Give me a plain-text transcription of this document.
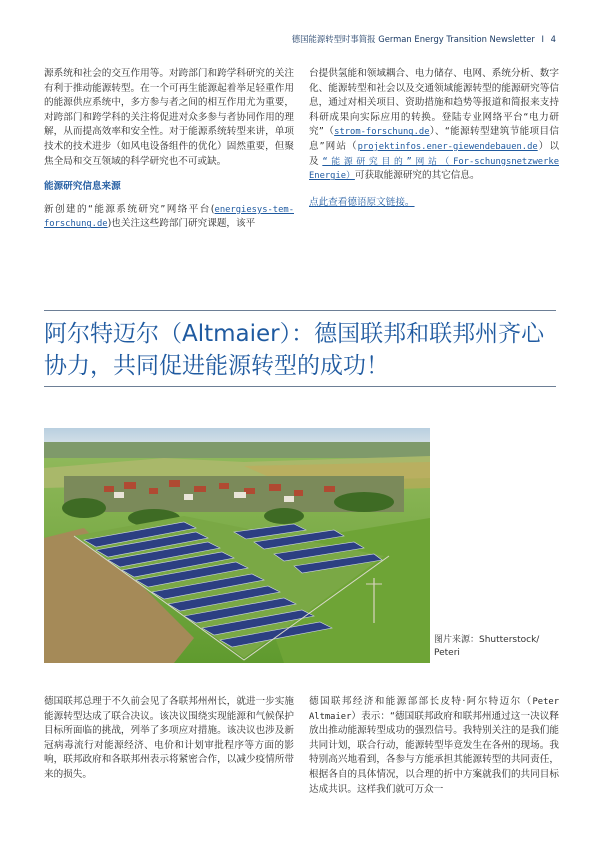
德国能源转型时事简报 German Energy Transition Newsletter I 4

源系统和社会的交互作用等。对跨部门和跨学科研究的关注有利于推动能源转型。在一个可再生能源起着举足轻重作用的能源供应系统中，多方参与者之间的相互作用尤为重要，对跨部门和跨学科的关注将促进对众多参与者协同作用的理解，从而提高效率和安全性。对于能源系统转型来讲，单项技术的技术进步（如风电设备组件的优化）固然重要，但聚焦全局和交互领域的科学研究也不可或缺。

能源研究信息来源

新创建的“能源系统研究”网络平台(energiesys-tem-forschung.de)也关注这些跨部门研究课题，该平

台提供氢能和领域耦合、电力储存、电网、系统分析、数字化、能源转型和社会以及交通领域能源转型的能源研究等信息，通过对相关项目、资助措施和趋势等报道和简报来支持科研成果向实际应用的转换。登陆专业网络平台“电力研究”（strom-forschung.de）、“能源转型建筑节能项目信息”网站（projektinfos.ener-giewendebauen.de）以及“能源研究目的”网站（For-schungsnetzwerke Energie）可获取能源研究的其它信息。

点此查看德语原文链接。
阿尔特迈尔（Altmaier）：德国联邦和联邦州齐心协力，共同促进能源转型的成功！
图片来源：Shutterstock/ Peteri

德国联邦总理于不久前会见了各联邦州州长，就进一步实施能源转型达成了联合决议。该决议围绕实现能源和气候保护目标所面临的挑战，列举了多项应对措施。该决议也涉及新冠病毒流行对能源经济、电价和计划审批程序等方面的影响，联邦政府和各联邦州表示将紧密合作，以减少疫情所带来的损失。

德国联邦经济和能源部部长皮特·阿尔特迈尔（Peter Altmaier）表示：“德国联邦政府和联邦州通过这一决议释放出推动能源转型成功的强烈信号。我特别关注的是我们能共同计划，联合行动，能源转型毕竟发生在各州的现场。我特别高兴地看到，各参与方能承担其能源转型的共同责任，根据各自的具体情况，以合理的折中方案就我们的共同目标达成共识。这样我们就可万众一
